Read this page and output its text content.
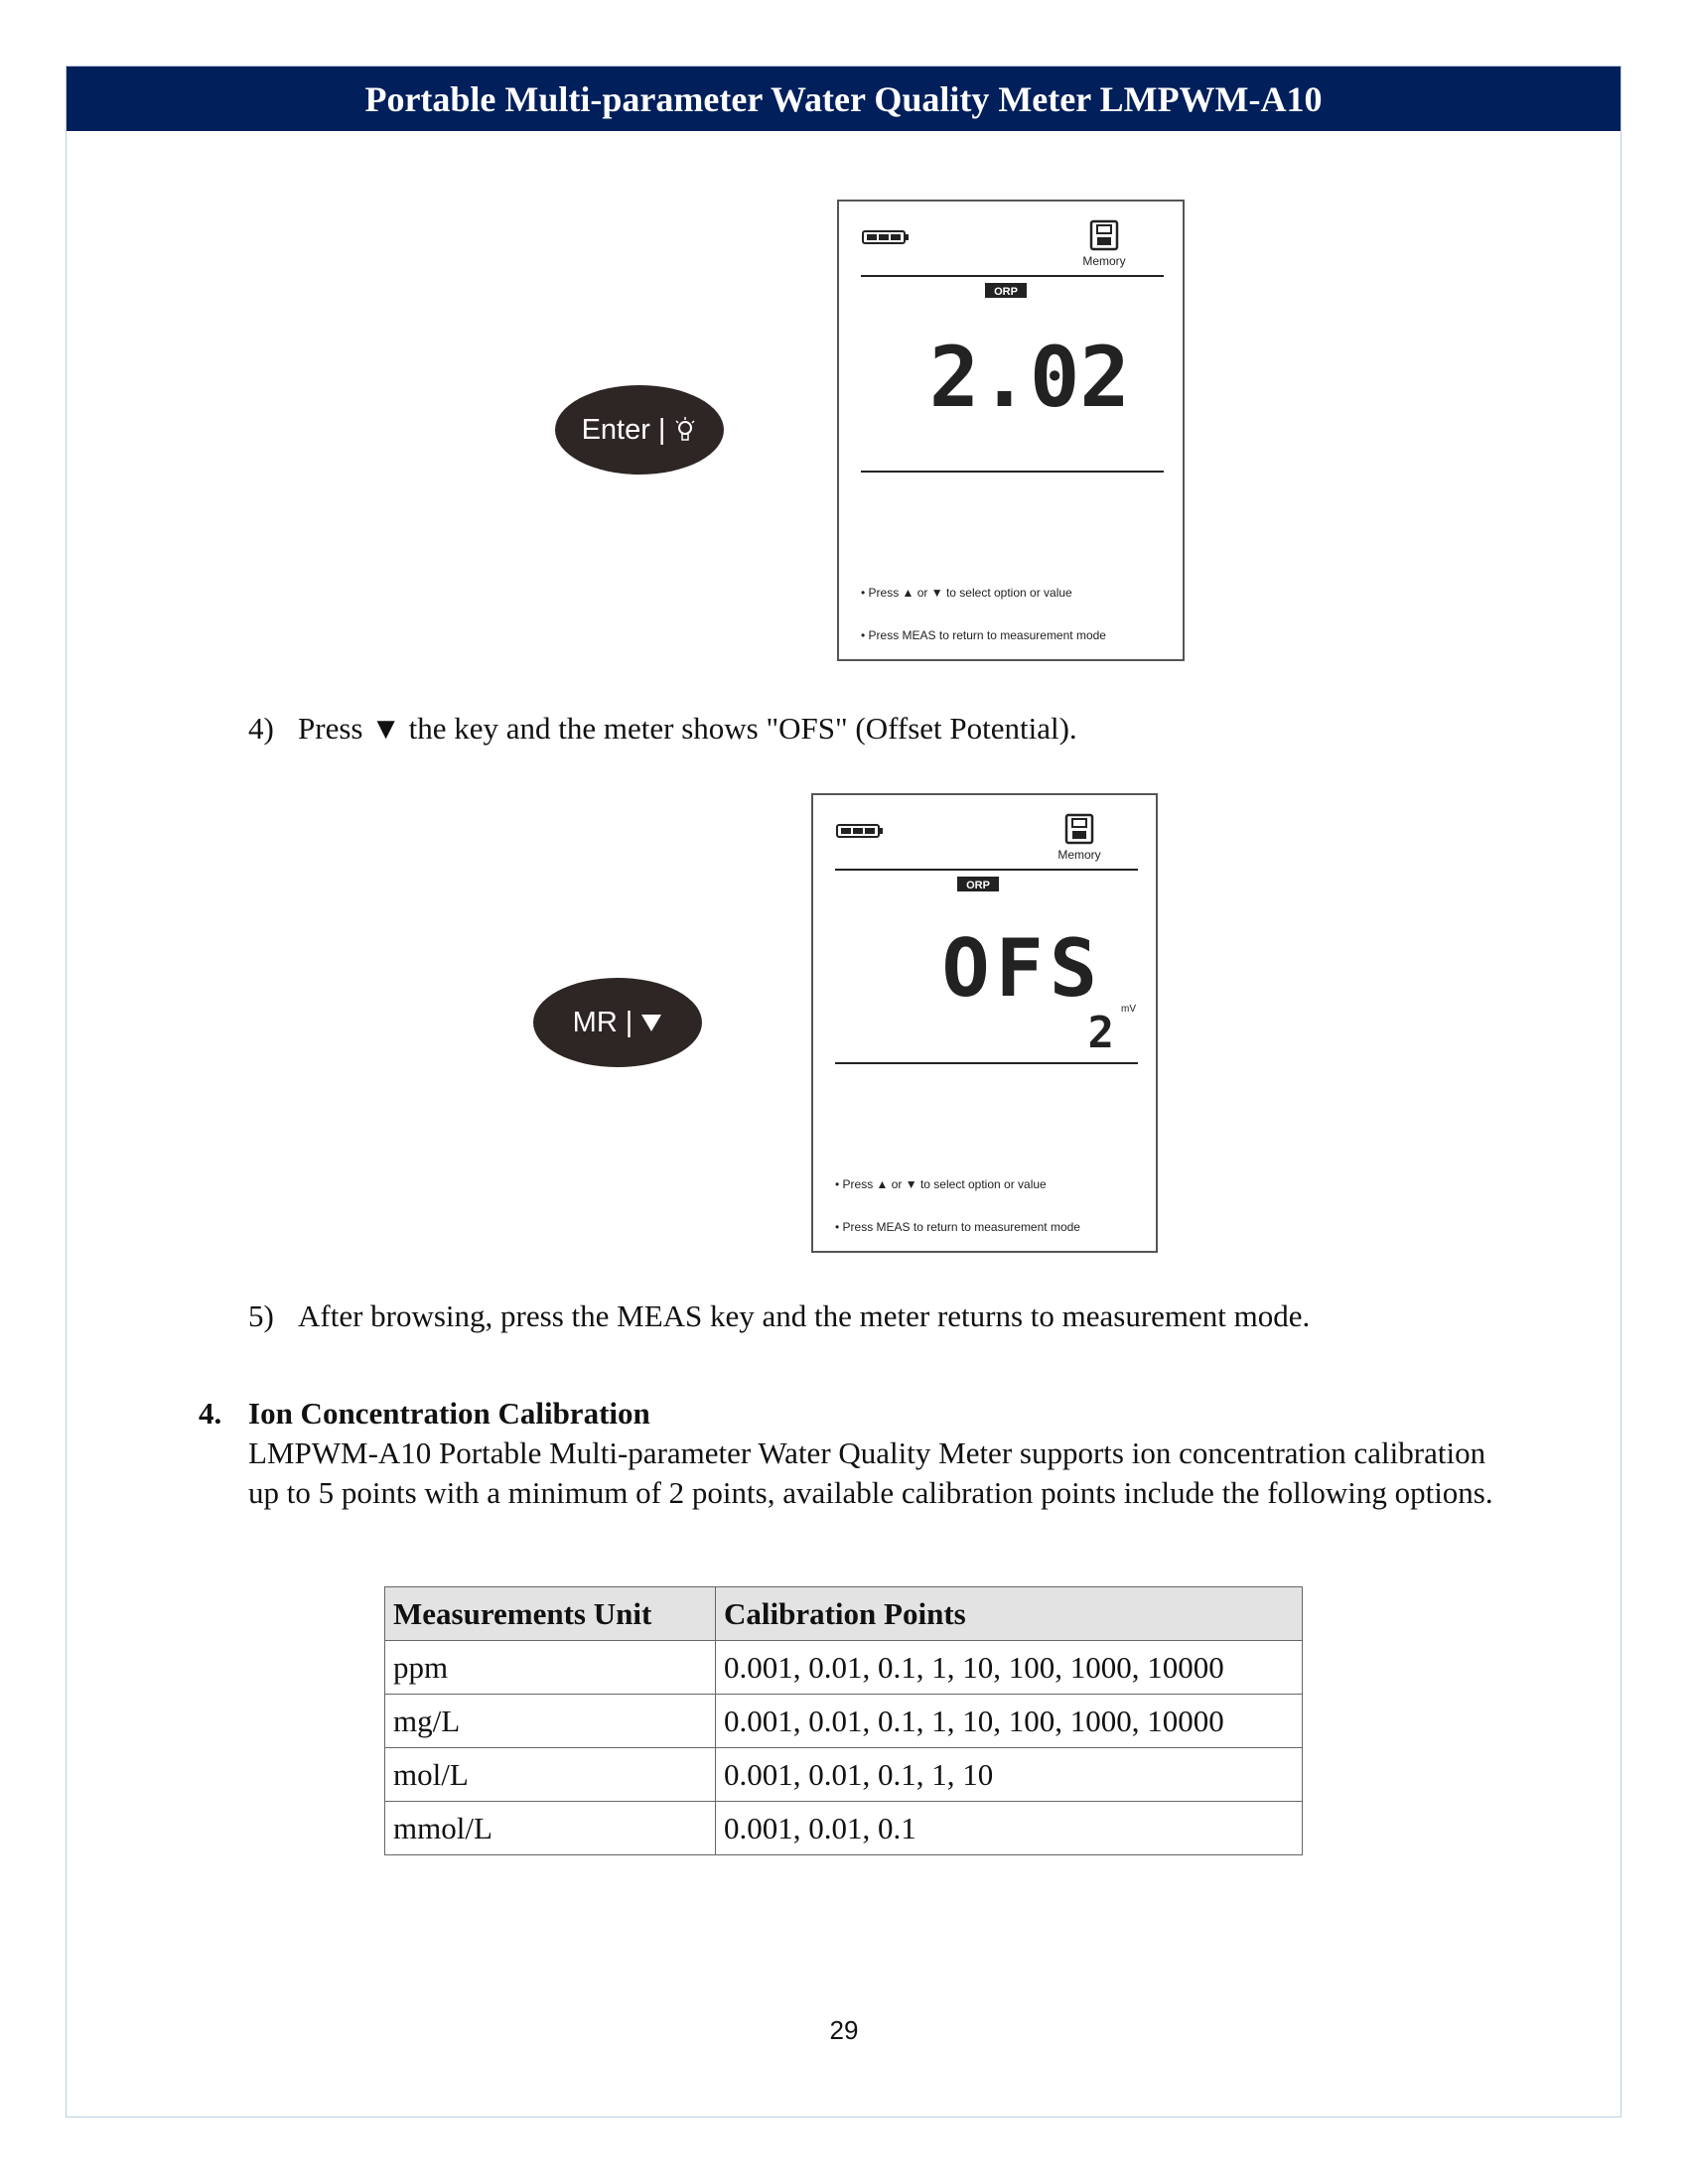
Portable Multi-parameter Water Quality Meter LMPWM-A10
Memory
ORP
2.02
• Press ▲ or ▼ to select option or value
• Press MEAS to return to measurement mode
Enter |
4) Press ▼ the key and the meter shows "OFS" (Offset Potential).
Memory
ORP
OFS mV
2
• Press ▲ or ▼ to select option or value
• Press MEAS to return to measurement mode
MR |
5) After browsing, press the MEAS key and the meter returns to measurement mode.
4. Ion Concentration Calibration
LMPWM-A10 Portable Multi-parameter Water Quality Meter supports ion concentration calibration up to 5 points with a minimum of 2 points, available calibration points include the following options.
Measurements Unit	Calibration Points
ppm	0.001, 0.01, 0.1, 1, 10, 100, 1000, 10000
mg/L	0.001, 0.01, 0.1, 1, 10, 100, 1000, 10000
mol/L	0.001, 0.01, 0.1, 1, 10
mmol/L	0.001, 0.01, 0.1
29
